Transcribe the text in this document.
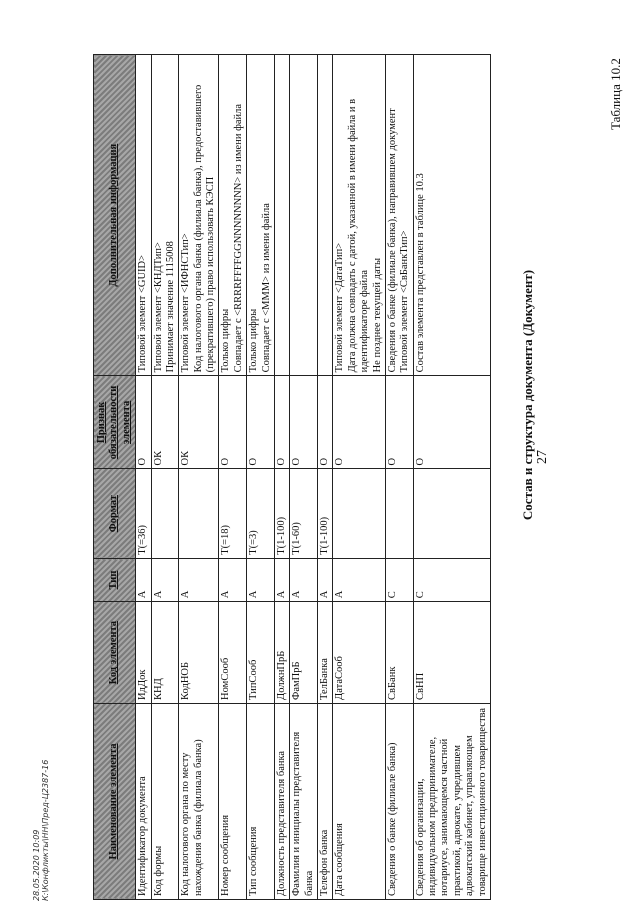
27
Таблица 10.2
Состав и структура документа (Документ)
Наименование элемента	Код элемента	Тип	Формат	Признак обязательности элемента	Дополнительная информация
Идентификатор документа	ИдДок	А	Т(=36)	О	Типовой элемент <GUID>
Код формы	КНД	А		ОК	Типовой элемент <КНДТип>
Принимает значение 1115008
Код налогового органа по месту нахождения банка (филиала банка)	КодНОБ	А		ОК	Типовой элемент <ИФНСТип>
Код налогового органа банка (филиала банка), предоставившего (прекратившего) право использовать КЭСП
Номер сообщения	НомСооб	А	Т(=18)	О	Только цифры
Совпадает с <RRRRFFFFGGNNNNNNNN> из имени файла
Тип сообщения	ТипСооб	А	Т(=3)	О	Только цифры
Совпадает с <MMM> из имени файла
Должность представителя банка	ДолжнПрБ	А	Т(1-100)	О	
Фамилия и инициалы представителя банка	ФамПрБ	А	Т(1-60)	О	
Телефон банка	ТелБанка	А	Т(1-100)	О	
Дата сообщения	ДатаСооб	А		О	Типовой элемент <ДатаТип>
Дата должна совпадать с датой, указанной в имени файла и в идентификаторе файла
Не позднее текущей даты
Сведения о банке (филиале банка)	СвБанк	С		О	Сведения о банке (филиале банка), направившем документ
Типовой элемент <СвБанкТип>
Сведения об организации, индивидуальном предпринимателе, нотариусе, занимающемся частной практикой, адвокате, учредившем адвокатский кабинет, управляющем товарище инвестиционного товарищества	СвНП	С		О	Состав элемента представлен в таблице 10.3
28.05.2020 10:09 К:\Конфликты\НН\Пред-Ц2387-16
